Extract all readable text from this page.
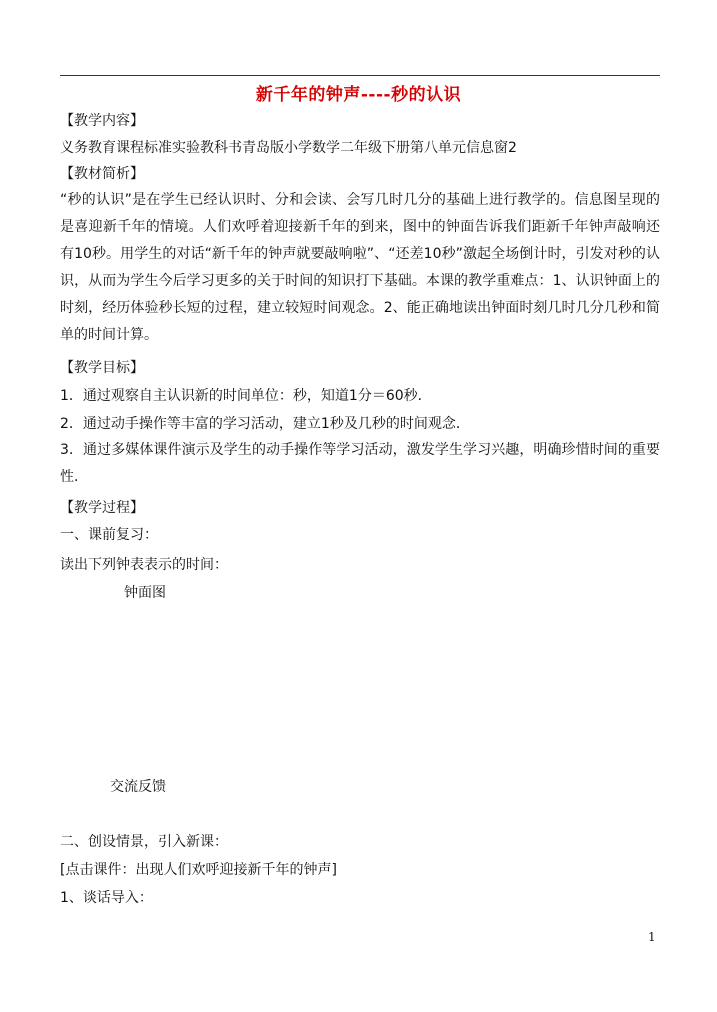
新千年的钟声----秒的认识
【教学内容】
义务教育课程标准实验教科书青岛版小学数学二年级下册第八单元信息窗2
【教材简析】
“秒的认识”是在学生已经认识时、分和会读、会写几时几分的基础上进行教学的。信息图呈现的是喜迎新千年的情境。人们欢呼着迎接新千年的到来，图中的钟面告诉我们距新千年钟声敲响还有10秒。用学生的对话“新千年的钟声就要敲响啦”、“还差10秒”激起全场倒计时，引发对秒的认识，从而为学生今后学习更多的关于时间的知识打下基础。本课的教学重难点：1、认识钟面上的时刻，经历体验秒长短的过程，建立较短时间观念。2、能正确地读出钟面时刻几时几分几秒和简单的时间计算。
【教学目标】
1．通过观察自主认识新的时间单位：秒，知道1分＝60秒．
2．通过动手操作等丰富的学习活动，建立1秒及几秒的时间观念．
3．通过多媒体课件演示及学生的动手操作等学习活动，激发学生学习兴趣，明确珍惜时间的重要性．
【教学过程】
一、课前复习：
读出下列钟表表示的时间：
钟面图
交流反馈
二、创设情景，引入新课：
[点击课件：出现人们欢呼迎接新千年的钟声]
1、谈话导入：
1
